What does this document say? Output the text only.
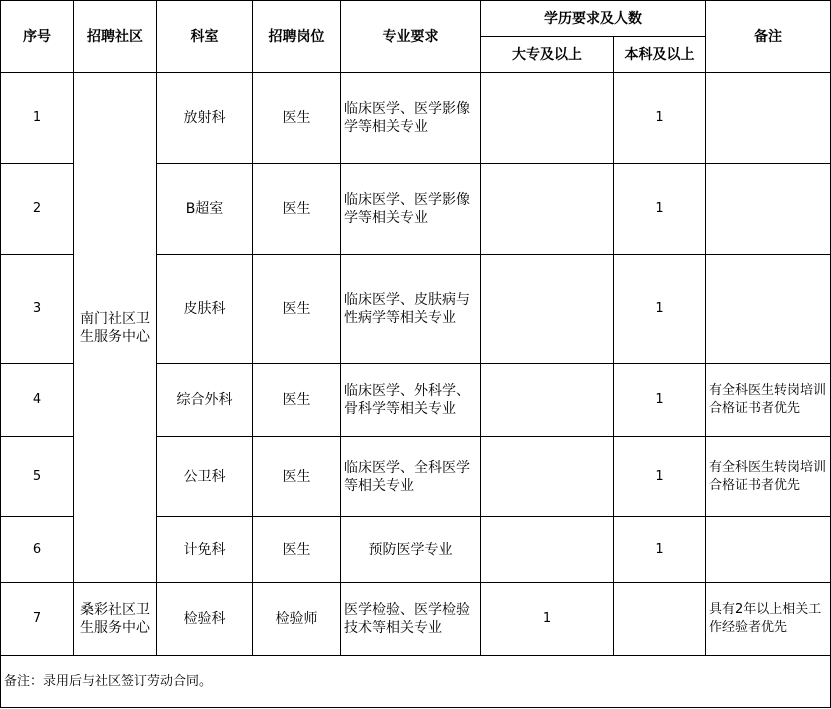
序号	招聘社区	科室	招聘岗位	专业要求	学历要求及人数		备注
					大专及以上	本科及以上	
1	南门社区卫生服务中心	放射科	医生	临床医学、医学影像学等相关专业		1	
2		B超室	医生	临床医学、医学影像学等相关专业		1	
3		皮肤科	医生	临床医学、皮肤病与性病学等相关专业		1	
4		综合外科	医生	临床医学、外科学、骨科学等相关专业		1	有全科医生转岗培训合格证书者优先
5		公卫科	医生	临床医学、全科医学等相关专业		1	有全科医生转岗培训合格证书者优先
6		计免科	医生	预防医学专业		1	
7	桑彩社区卫生服务中心	检验科	检验师	医学检验、医学检验技术等相关专业	1		具有2年以上相关工作经验者优先
备注：录用后与社区签订劳动合同。							
